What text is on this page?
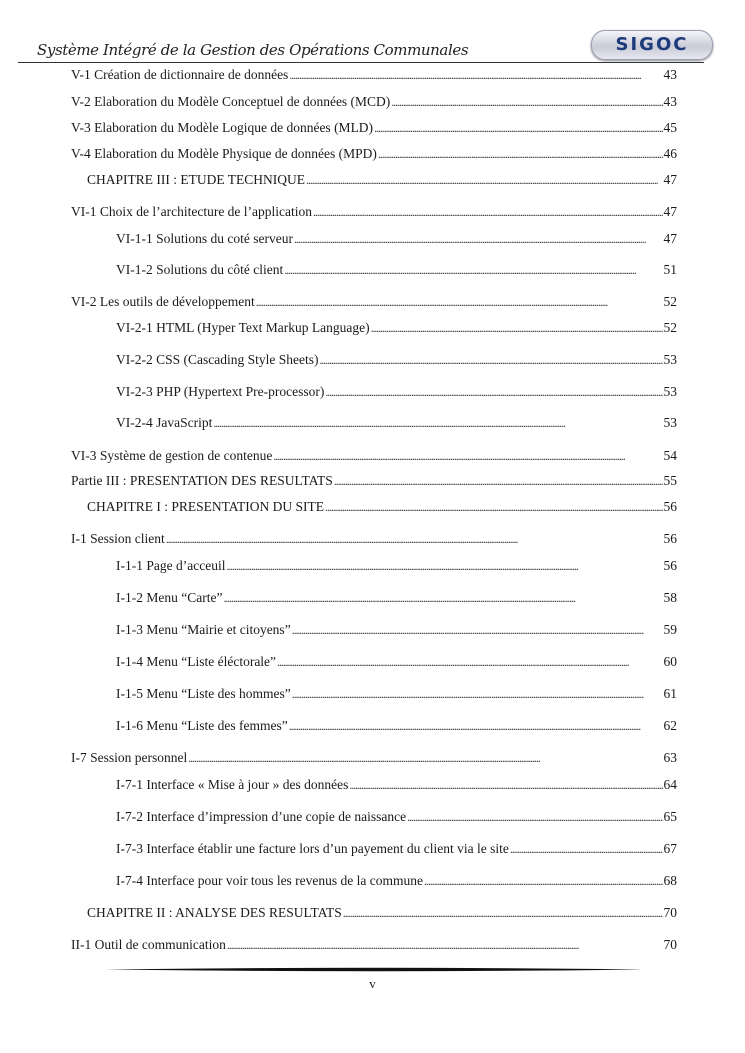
Système Intégré de la Gestion des Opérations Communales	SIGOC
V-1 Création de dictionnaire de données . . .	43
V-2 Elaboration du Modèle Conceptuel de données (MCD) . . .	43
V-3 Elaboration du Modèle Logique de données (MLD) . . .	45
V-4 Elaboration du Modèle Physique de données (MPD) . . .	46
CHAPITRE III : ETUDE TECHNIQUE . . .	47
VI-1 Choix de l’architecture de l’application . . .	47
VI-1-1 Solutions du coté serveur . . .	47
VI-1-2 Solutions du côté client . . .	51
VI-2 Les outils de développement . . .	52
VI-2-1 HTML (Hyper Text Markup Language) . . .	52
VI-2-2 CSS (Cascading Style Sheets) . . .	53
VI-2-3 PHP (Hypertext Pre-processor) . . .	53
VI-2-4 JavaScript . . .	53
VI-3 Système de gestion de contenue . . .	54
Partie III : PRESENTATION DES RESULTATS . . .	55
CHAPITRE I : PRESENTATION DU SITE . . .	56
I-1 Session client . . .	56
I-1-1 Page d’acceuil . . .	56
I-1-2 Menu “Carte” . . .	58
I-1-3 Menu “Mairie et citoyens” . . .	59
I-1-4 Menu “Liste éléctorale” . . .	60
I-1-5 Menu “Liste des hommes” . . .	61
I-1-6 Menu “Liste des femmes” . . .	62
I-7 Session personnel . . .	63
I-7-1 Interface « Mise à jour » des données . . .	64
I-7-2 Interface d’impression d’une copie de naissance . . .	65
I-7-3 Interface établir une facture lors d’un payement du client via le site . . .	67
I-7-4 Interface pour voir tous les revenus de la commune . . .	68
CHAPITRE II : ANALYSE DES RESULTATS . . .	70
II-1 Outil de communication . . .	70
v
